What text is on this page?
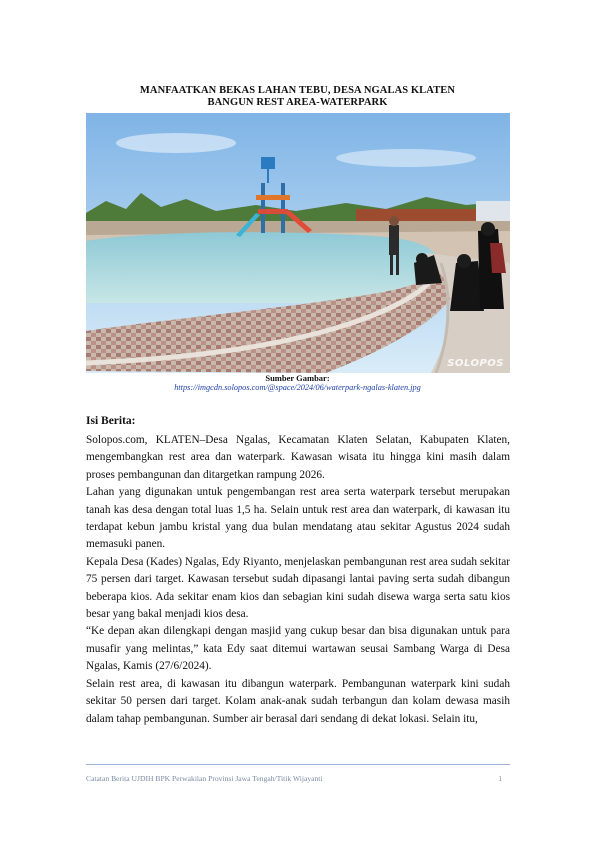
MANFAATKAN BEKAS LAHAN TEBU, DESA NGALAS KLATEN
BANGUN REST AREA-WATERPARK
SOLOPOS
Sumber Gambar:
https://imgcdn.solopos.com/@space/2024/06/waterpark-ngalas-klaten.jpg
Isi Berita:

Solopos.com, KLATEN–Desa Ngalas, Kecamatan Klaten Selatan, Kabupaten Klaten, mengembangkan rest area dan waterpark. Kawasan wisata itu hingga kini masih dalam proses pembangunan dan ditargetkan rampung 2026.

Lahan yang digunakan untuk pengembangan rest area serta waterpark tersebut merupakan tanah kas desa dengan total luas 1,5 ha. Selain untuk rest area dan waterpark, di kawasan itu terdapat kebun jambu kristal yang dua bulan mendatang atau sekitar Agustus 2024 sudah memasuki panen.

Kepala Desa (Kades) Ngalas, Edy Riyanto, menjelaskan pembangunan rest area sudah sekitar 75 persen dari target. Kawasan tersebut sudah dipasangi lantai paving serta sudah dibangun beberapa kios. Ada sekitar enam kios dan sebagian kini sudah disewa warga serta satu kios besar yang bakal menjadi kios desa.

“Ke depan akan dilengkapi dengan masjid yang cukup besar dan bisa digunakan untuk para musafir yang melintas,” kata Edy saat ditemui wartawan seusai Sambang Warga di Desa Ngalas, Kamis (27/6/2024).

Selain rest area, di kawasan itu dibangun waterpark. Pembangunan waterpark kini sudah sekitar 50 persen dari target. Kolam anak-anak sudah terbangun dan kolam dewasa masih dalam tahap pembangunan. Sumber air berasal dari sendang di dekat lokasi. Selain itu,

Catatan Berita UJDIH BPK Perwakilan Provinsi Jawa Tengah/Titik Wijayanti	1
